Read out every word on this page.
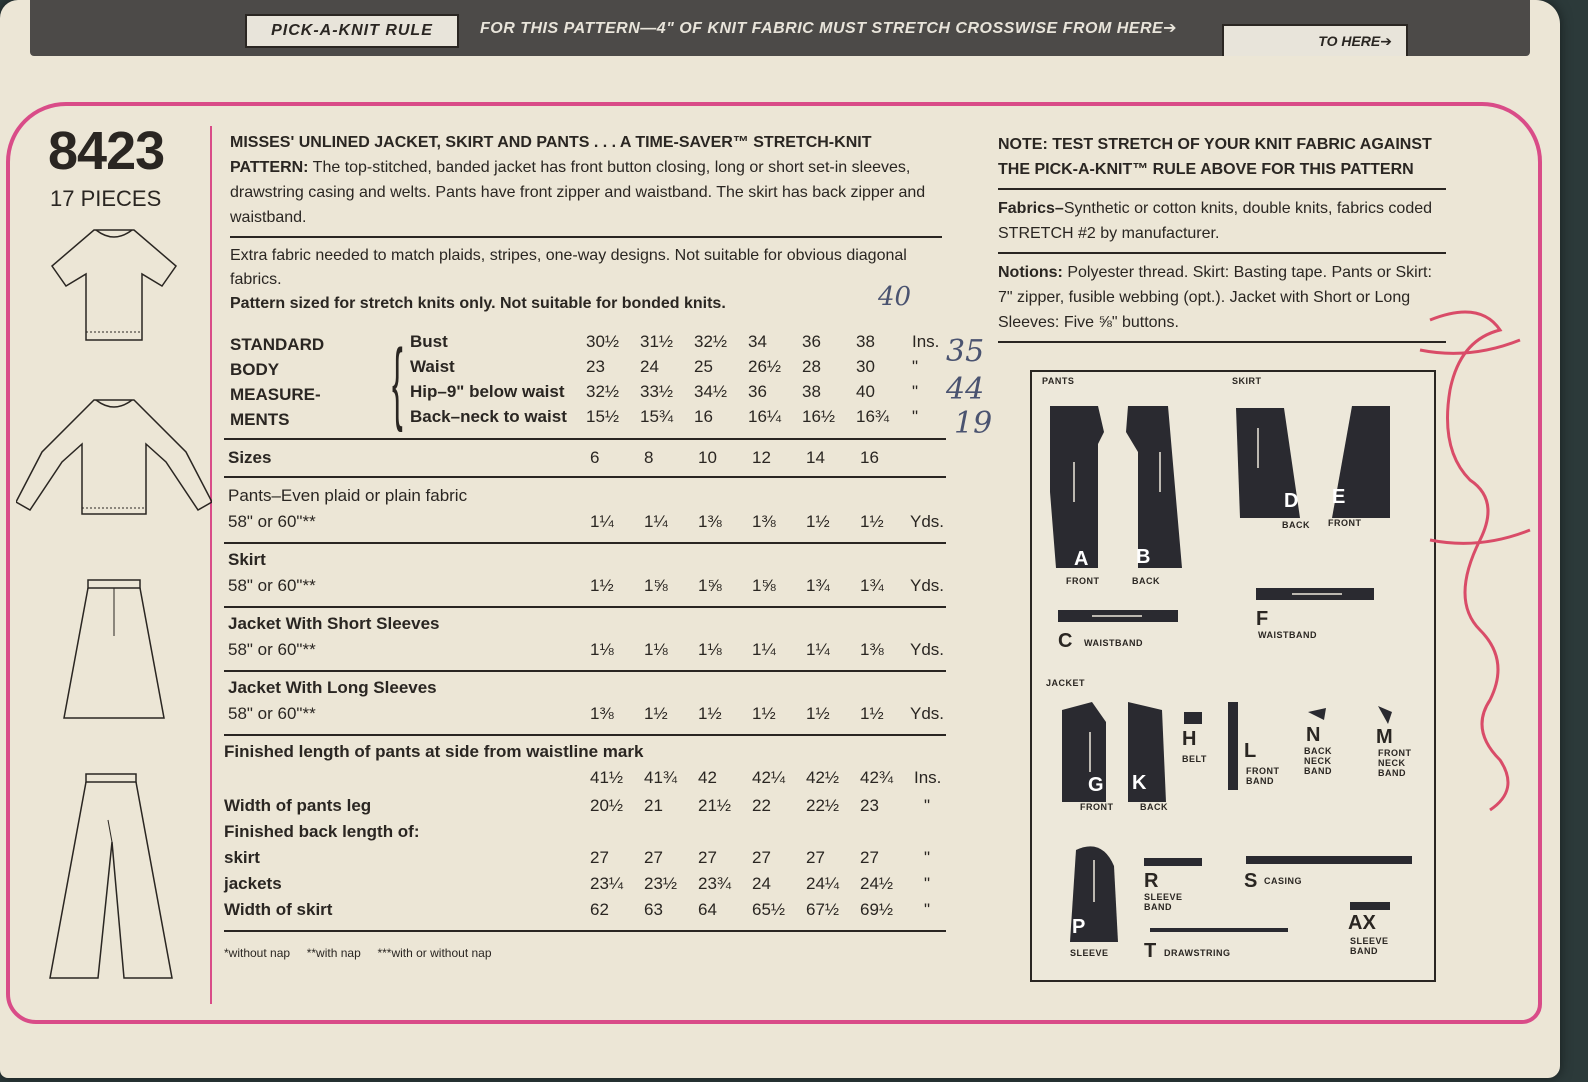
PICK-A-KNIT RULE	FOR THIS PATTERN—4" OF KNIT FABRIC MUST STRETCH CROSSWISE FROM HERE➔
TO HERE➔
8423
17 PIECES
MISSES' UNLINED JACKET, SKIRT AND PANTS . . . A TIME-SAVER™ STRETCH-KNIT PATTERN: The top-stitched, banded jacket has front button closing, long or short set-in sleeves, drawstring casing and welts. Pants have front zipper and waistband. The skirt has back zipper and waistband.
Extra fabric needed to match plaids, stripes, one-way designs. Not suitable for obvious diagonal fabrics.
Pattern sized for stretch knits only. Not suitable for bonded knits.
STANDARD
BODY
MEASURE-
MENTS	{ Bust	30½	31½	32½	34	36	38	Ins.
Waist	23	24	25	26½	28	30	"
Hip–9" below waist 32½	33½	34½	36	38	40	"
Back–neck to waist 15½	15¾	16	16¼	16½	16¾	"
Sizes	6	8	10 12 14 16
Pants–Even plaid or plain fabric
58" or 60"**	1¼ 1¼ 1⅜ 1⅜ 1½ 1½ Yds.
Skirt
58" or 60"**	1½ 1⅝ 1⅝ 1⅝ 1¾ 1¾ Yds.
Jacket With Short Sleeves
58" or 60"**	1⅛ 1⅛ 1⅛ 1¼ 1¼ 1⅜ Yds.
Jacket With Long Sleeves
58" or 60"**	1⅜ 1½ 1½ 1½ 1½ 1½ Yds.
Finished length of pants at side from waistline mark
41½ 41¾ 42 42¼ 42½ 42¾ Ins.
Width of pants leg	20½ 21 21½ 22 22½ 23	"
Finished back length of:
skirt	27 27 27 27 27 27	"
jackets	23¼ 23½ 23¾ 24 24¼ 24½ "
Width of skirt	62 63 64 65½ 67½ 69½ "
*without nap **with nap ***with or without nap
NOTE: TEST STRETCH OF YOUR KNIT FABRIC AGAINST THE PICK-A-KNIT™ RULE ABOVE FOR THIS PATTERN
Fabrics–Synthetic or cotton knits, double knits, fabrics coded STRETCH #2 by manufacturer.
Notions: Polyester thread. Skirt: Basting tape. Pants or Skirt: 7" zipper, fusible webbing (opt.). Jacket with Short or Long Sleeves: Five ⅝" buttons.
PANTS	SKIRT
JACKET
A
FRONT
B
BACK
D
BACK
E
FRONT
C WAISTBAND
F
WAISTBAND
G
FRONT
K
BACK
H
BELT L
FRONT BAND
N
BACK NECK BAND
M
FRONT NECK BAND
P
SLEEVE
R
SLEEVE BAND
S CASING
T DRAWSTRING
AX
SLEEVE BAND
40
35
44
19
